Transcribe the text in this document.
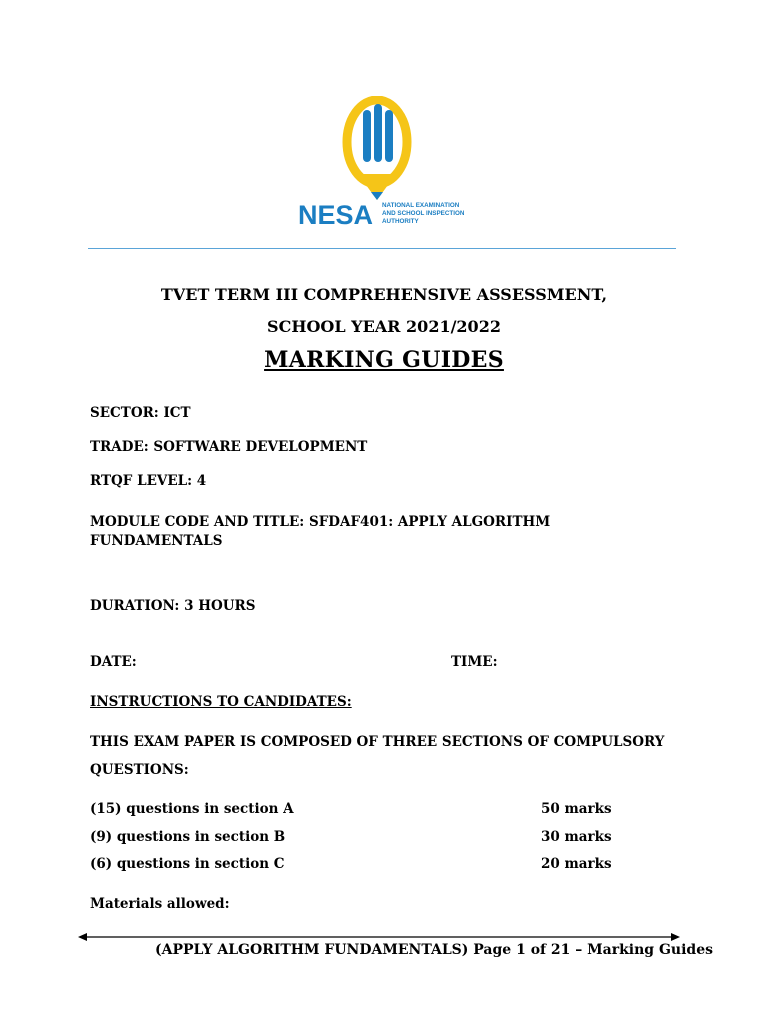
NESA NATIONAL EXAMINATION
AND SCHOOL INSPECTION
AUTHORITY
TVET TERM III COMPREHENSIVE ASSESSMENT,
SCHOOL YEAR 2021/2022
MARKING GUIDES
SECTOR: ICT
TRADE: SOFTWARE DEVELOPMENT
RTQF LEVEL: 4
MODULE CODE AND TITLE: SFDAF401: APPLY ALGORITHM
FUNDAMENTALS
DURATION: 3 HOURS
DATE:	TIME:
INSTRUCTIONS TO CANDIDATES:
THIS EXAM PAPER IS COMPOSED OF THREE SECTIONS OF COMPULSORY
QUESTIONS:
(15) questions in section A	50 marks
(9) questions in section B	30 marks
(6) questions in section C	20 marks
Materials allowed:
(APPLY ALGORITHM FUNDAMENTALS) Page 1 of 21 – Marking Guides
